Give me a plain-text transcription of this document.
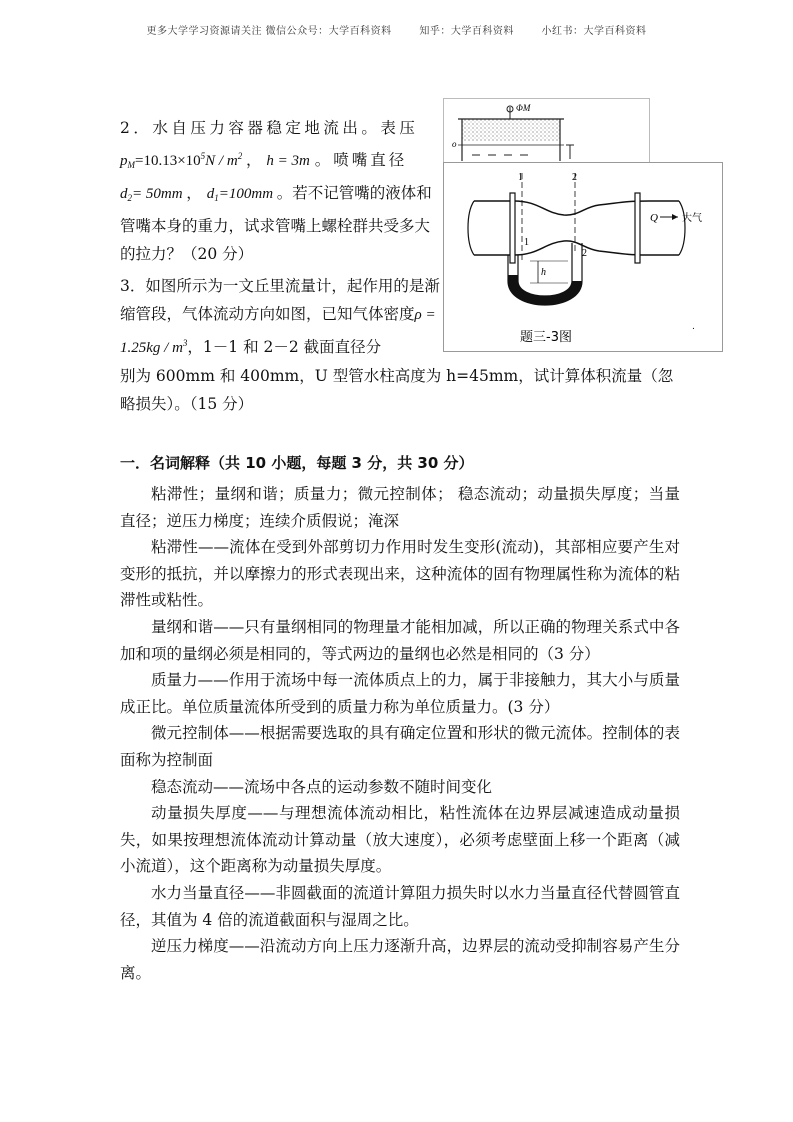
更多大学学习资源请关注 微信公众号：大学百科资料	知乎：大学百科资料	小红书：大学百科资料
2．水自压力容器稳定地流出。表压
$p_M=10.13\times 10^5N / m^2$ ， h = 3m 。喷嘴直径
$d_2= 50mm$ ， $d_1=100mm$ 。若不记管嘴的液体和管嘴本身的重力，试求管嘴上螺栓群共受多大的拉力？（20 分）
3．如图所示为一文丘里流量计，起作用的是渐缩管段，气体流动方向如图，已知气体密度$\rho = 1.25kg / m^3$，1－1 和 2－2 截面直径分
别为 600mm 和 400mm，U 型管水柱高度为 h=45mm，试计算体积流量（忽略损失）。（15 分）
ΦM
o
1	2
1
2
Q 大气
h
题三-3图
.
一．名词解释（共 10 小题，每题 3 分，共 30 分）

粘滞性；量纲和谐；质量力；微元控制体； 稳态流动；动量损失厚度；当量直径；逆压力梯度；连续介质假说；淹深

粘滞性——流体在受到外部剪切力作用时发生变形(流动)，其部相应要产生对变形的抵抗，并以摩擦力的形式表现出来，这种流体的固有物理属性称为流体的粘滞性或粘性。

量纲和谐——只有量纲相同的物理量才能相加减，所以正确的物理关系式中各加和项的量纲必须是相同的，等式两边的量纲也必然是相同的（3 分）

质量力——作用于流场中每一流体质点上的力，属于非接触力，其大小与质量成正比。单位质量流体所受到的质量力称为单位质量力。(3 分）

微元控制体——根据需要选取的具有确定位置和形状的微元流体。控制体的表面称为控制面

稳态流动——流场中各点的运动参数不随时间变化

动量损失厚度——与理想流体流动相比，粘性流体在边界层减速造成动量损失，如果按理想流体流动计算动量（放大速度），必须考虑壁面上移一个距离（减小流道），这个距离称为动量损失厚度。

水力当量直径——非圆截面的流道计算阻力损失时以水力当量直径代替圆管直径，其值为 4 倍的流道截面积与湿周之比。

逆压力梯度——沿流动方向上压力逐渐升高，边界层的流动受抑制容易产生分离。
